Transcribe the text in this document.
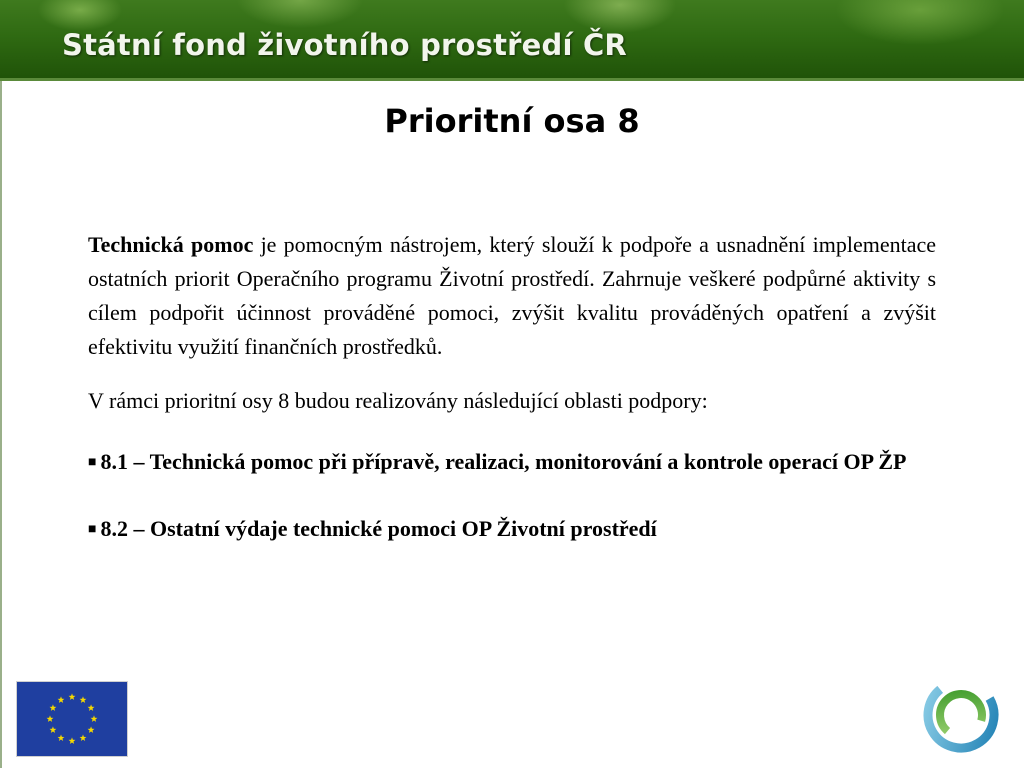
Státní fond životního prostředí ČR
Prioritní osa 8

Technická pomoc je pomocným nástrojem, který slouží k podpoře a usnadnění implementace ostatních priorit Operačního programu Životní prostředí. Zahrnuje veškeré podpůrné aktivity s cílem podpořit účinnost prováděné pomoci, zvýšit kvalitu prováděných opatření a zvýšit efektivitu využití finančních prostředků.

V rámci prioritní osy 8 budou realizovány následující oblasti podpory:

■ 8.1 – Technická pomoc při přípravě, realizaci, monitorování a kontrole operací OP ŽP

■ 8.2 – Ostatní výdaje technické pomoci OP Životní prostředí
